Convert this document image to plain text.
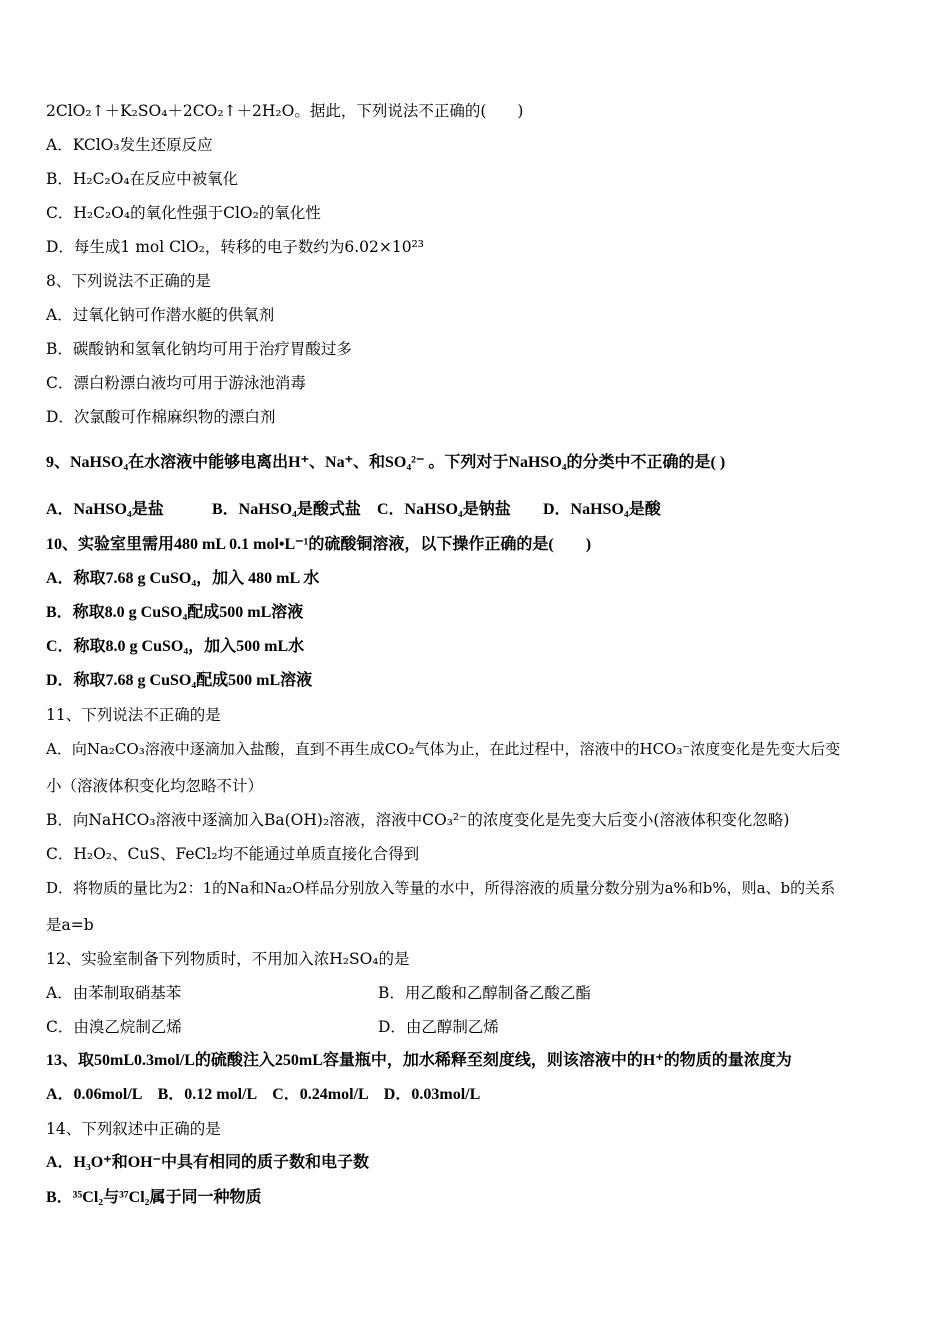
2ClO₂↑＋K₂SO₄＋2CO₂↑＋2H₂O。据此，下列说法不正确的(　　)
A．KClO₃发生还原反应
B．H₂C₂O₄在反应中被氧化
C．H₂C₂O₄的氧化性强于ClO₂的氧化性
D．每生成1 mol ClO₂，转移的电子数约为6.02×10²³
8、下列说法不正确的是
A．过氧化钠可作潜水艇的供氧剂
B．碳酸钠和氢氧化钠均可用于治疗胃酸过多
C．漂白粉漂白液均可用于游泳池消毒
D．次氯酸可作棉麻织物的漂白剂
9、NaHSO₄在水溶液中能够电离出H⁺、Na⁺、和SO₄²⁻ 。下列对于NaHSO₄的分类中不正确的是( )
A．NaHSO₄是盐	B．NaHSO₄是酸式盐 C．NaHSO₄是钠盐 D．NaHSO₄是酸
10、实验室里需用480 mL 0.1 mol•L⁻¹的硫酸铜溶液，以下操作正确的是(　　)
A．称取7.68 g CuSO₄，加入 480 mL 水
B．称取8.0 g CuSO₄配成500 mL溶液
C．称取8.0 g CuSO₄，加入500 mL水
D．称取7.68 g CuSO₄配成500 mL溶液
11、下列说法不正确的是
A．向Na₂CO₃溶液中逐滴加入盐酸，直到不再生成CO₂气体为止，在此过程中，溶液中的HCO₃⁻浓度变化是先变大后变
小（溶液体积变化均忽略不计）
B．向NaHCO₃溶液中逐滴加入Ba(OH)₂溶液，溶液中CO₃²⁻的浓度变化是先变大后变小(溶液体积变化忽略)
C．H₂O₂、CuS、FeCl₂均不能通过单质直接化合得到
D．将物质的量比为2：1的Na和Na₂O样品分别放入等量的水中，所得溶液的质量分数分别为a%和b%，则a、b的关系
是a=b
12、实验室制备下列物质时，不用加入浓H₂SO₄的是
A．由苯制取硝基苯	B．用乙酸和乙醇制备乙酸乙酯
C．由溴乙烷制乙烯	D．由乙醇制乙烯
13、取50mL0.3mol/L的硫酸注入250mL容量瓶中，加水稀释至刻度线，则该溶液中的H⁺的物质的量浓度为
A．0.06mol/L　B．0.12 mol/L　C．0.24mol/L　D．0.03mol/L
14、下列叙述中正确的是
A．H₃O⁺和OH⁻中具有相同的质子数和电子数
B．³⁵Cl₂与³⁷Cl₂属于同一种物质
